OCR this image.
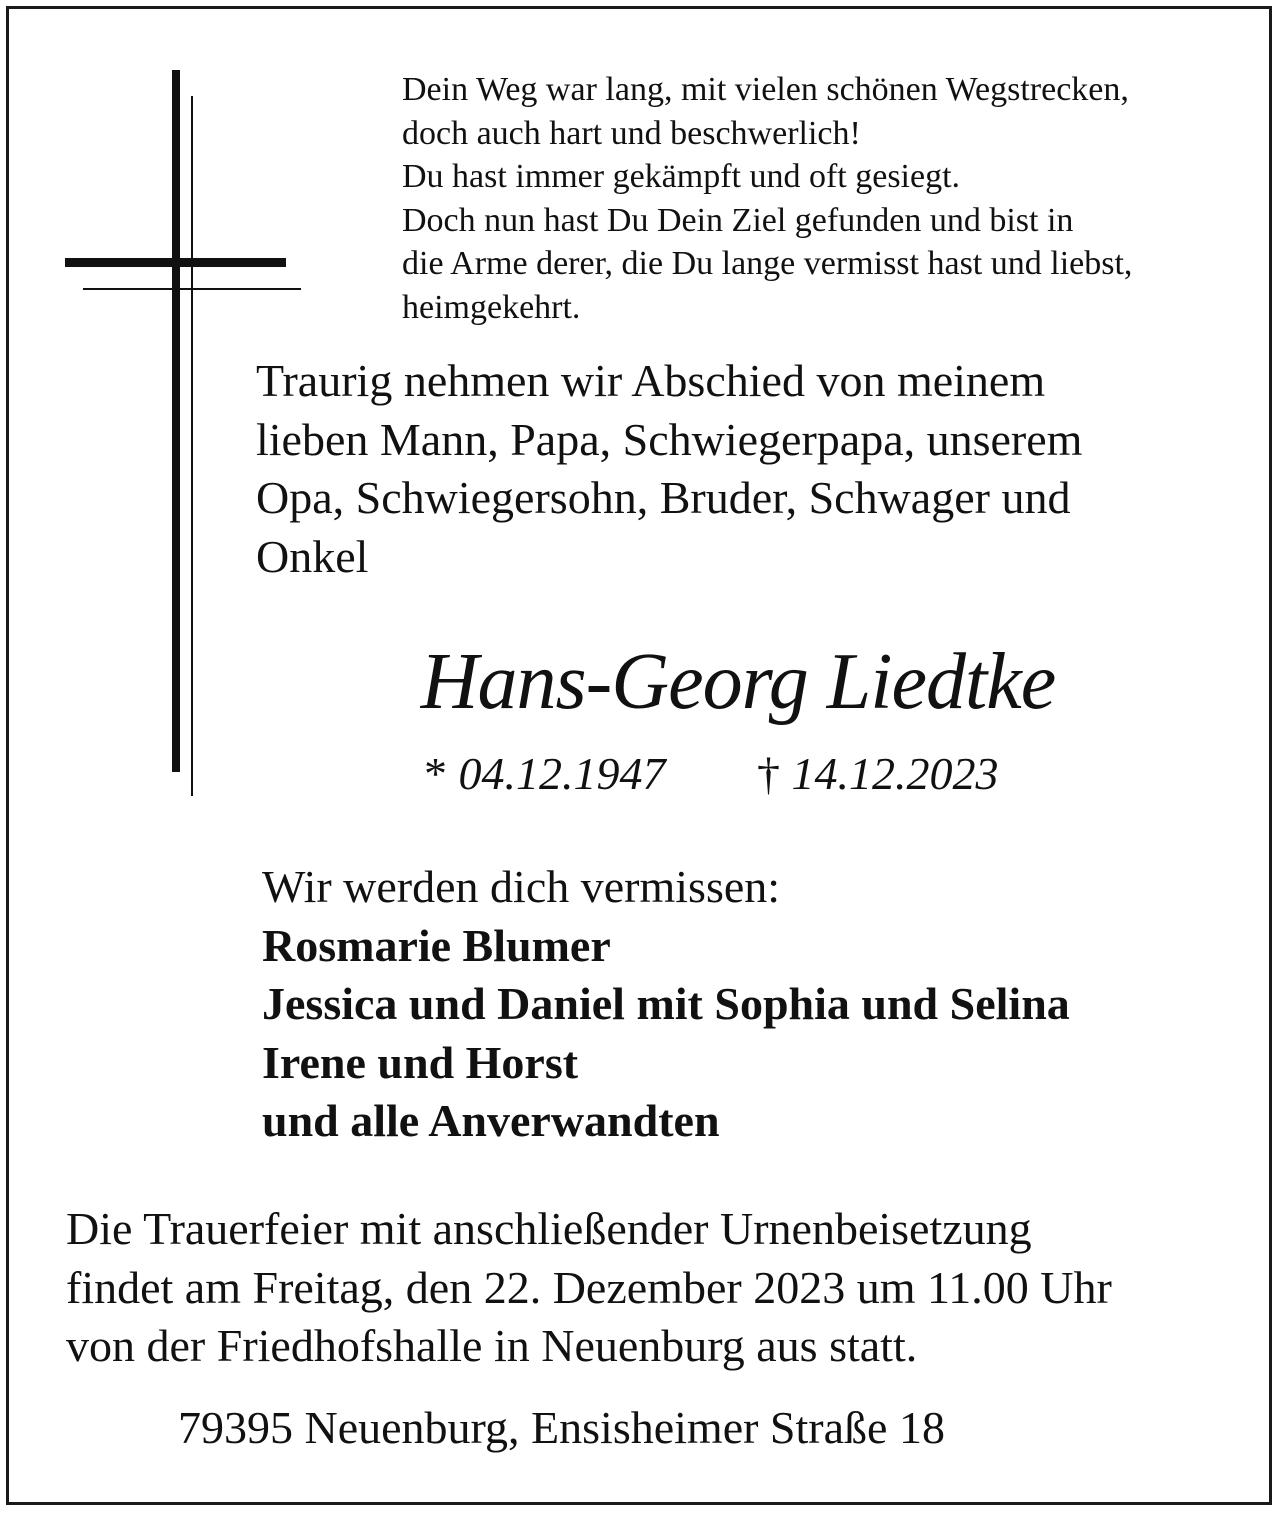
Dein Weg war lang, mit vielen schönen Wegstrecken,
doch auch hart und beschwerlich!
Du hast immer gekämpft und oft gesiegt.
Doch nun hast Du Dein Ziel gefunden und bist in
die Arme derer, die Du lange vermisst hast und liebst,
heimgekehrt.
Traurig nehmen wir Abschied von meinem
lieben Mann, Papa, Schwiegerpapa, unserem
Opa, Schwiegersohn, Bruder, Schwager und
Onkel
Hans-Georg Liedtke
* 04.12.1947 † 14.12.2023
Wir werden dich vermissen:
Rosmarie Blumer
Jessica und Daniel mit Sophia und Selina
Irene und Horst
und alle Anverwandten
Die Trauerfeier mit anschließender Urnenbeisetzung
findet am Freitag, den 22. Dezember 2023 um 11.00 Uhr
von der Friedhofshalle in Neuenburg aus statt.
79395 Neuenburg, Ensisheimer Straße 18
